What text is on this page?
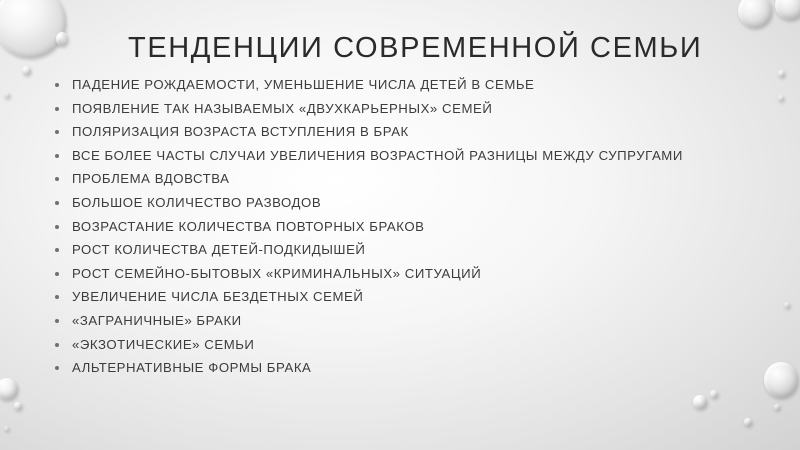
ТЕНДЕНЦИИ СОВРЕМЕННОЙ СЕМЬИ
ПАДЕНИЕ РОЖДАЕМОСТИ, УМЕНЬШЕНИЕ ЧИСЛА ДЕТЕЙ В СЕМЬЕ
ПОЯВЛЕНИЕ ТАК НАЗЫВАЕМЫХ «ДВУХКАРЬЕРНЫХ» СЕМЕЙ
ПОЛЯРИЗАЦИЯ ВОЗРАСТА ВСТУПЛЕНИЯ В БРАК
ВСЕ БОЛЕЕ ЧАСТЫ СЛУЧАИ УВЕЛИЧЕНИЯ ВОЗРАСТНОЙ РАЗНИЦЫ МЕЖДУ СУПРУГАМИ
ПРОБЛЕМА ВДОВСТВА
БОЛЬШОЕ КОЛИЧЕСТВО РАЗВОДОВ
ВОЗРАСТАНИЕ КОЛИЧЕСТВА ПОВТОРНЫХ БРАКОВ
РОСТ КОЛИЧЕСТВА ДЕТЕЙ-ПОДКИДЫШЕЙ
РОСТ СЕМЕЙНО-БЫТОВЫХ «КРИМИНАЛЬНЫХ» СИТУАЦИЙ
УВЕЛИЧЕНИЕ ЧИСЛА БЕЗДЕТНЫХ СЕМЕЙ
«ЗАГРАНИЧНЫЕ» БРАКИ
«ЭКЗОТИЧЕСКИЕ» СЕМЬИ
АЛЬТЕРНАТИВНЫЕ ФОРМЫ БРАКА
